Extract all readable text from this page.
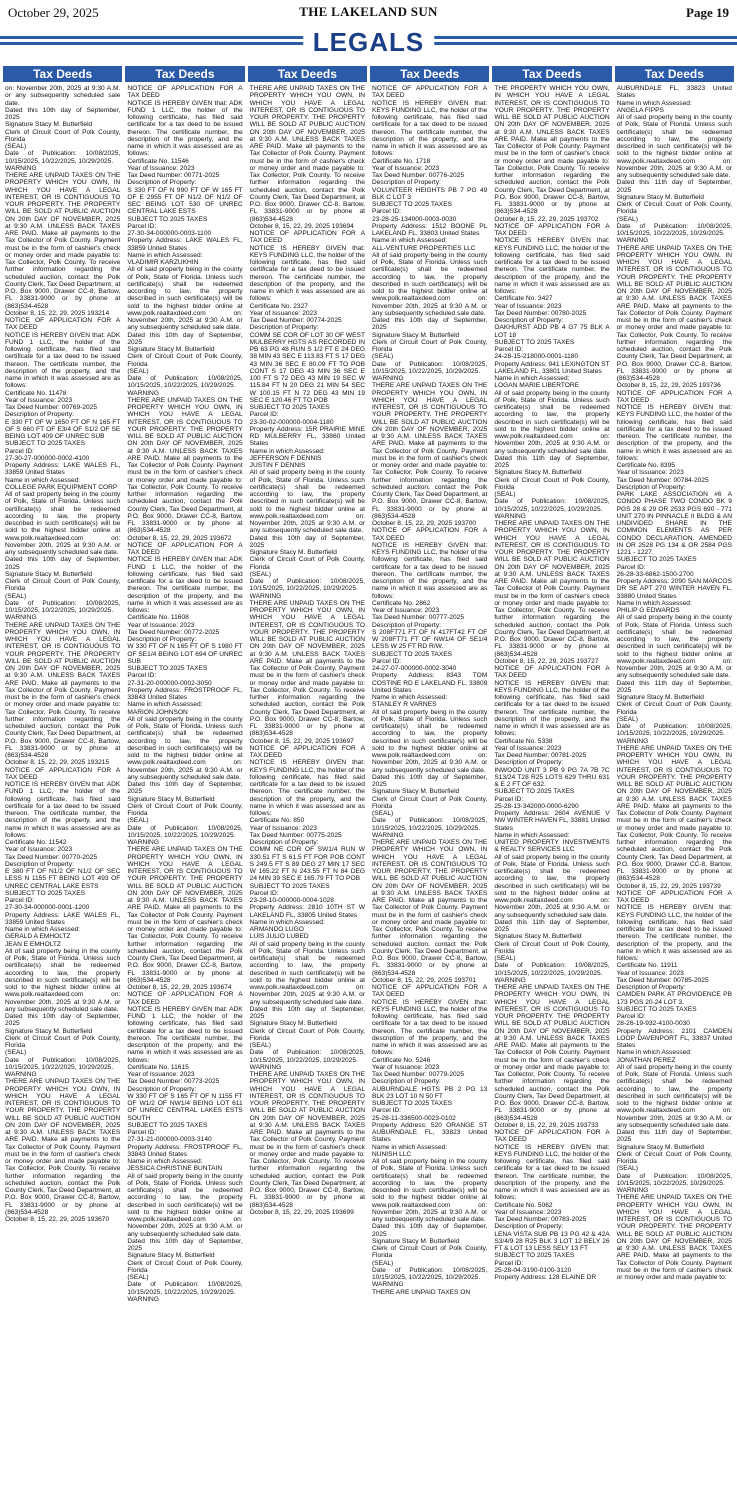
October 29, 2025	THE LAKELAND SUN	Page 19
LEGALS
Tax Deeds
on: November 20th, 2025 at 9:30 A.M. or any subsequently scheduled sale date.
Dated this 10th day of September, 2025
Signature Stacy M. Butterfield
Clerk of Circuit Court of Polk County, Florida
(SEAL)
Date of Publication: 10/08/2025, 10/15/2025, 10/22/2025, 10/29/2025.
WARNING
THERE ARE UNPAID TAXES ON THE PROPERTY WHICH YOU OWN, IN WHICH YOU HAVE A LEGAL INTEREST, OR IS CONTIGUOUS TO YOUR PROPERTY. THE PROPERTY WILL BE SOLD AT PUBLIC AUCTION ON 20th DAY OF NOVEMBER, 2025 at 9:30 A.M. UNLESS BACK TAXES ARE PAID. Make all payments to the Tax Collector of Polk County. Payment must be in the form of cashier's check or money order and made payable to: Tax Collector, Polk County. To receive further information regarding the scheduled auction, contact the Polk County Clerk, Tax Deed Department, at P.O. Box 9000, Drawer CC-8, Bartow, FL 33831-9000 or by phone at (863)534-4528
October 8, 15, 22, 29, 2025 193214
NOTICE OF APPLICATION FOR A TAX DEED
NOTICE IS HEREBY GIVEN that: ADK FUND 1 LLC, the holder of the following certificate, has filed said certificate for a tax deed to be issued thereon. The certificate number, the description of the property, and the name in which it was assessed are as follows:
Certificate No. 11478
Year of Issuance: 2023
Tax Deed Number: 00769-2025
Description of Property:
E 330 FT OF W 1650 FT OF N 165 FT OF S 660 FT OF E3/4 OF S1/2 OF SE BEING LOT 409 OF UNREC SUB
SUBJECT TO 2025 TAXES
Parcel ID:
27-30-27-000000-0002-4100
Property Address: LAKE WALES FL, 33859 United States
Name in which Assessed:
COLLEGE PARK EQUIPMENT CORP
All of said property being in the county of Polk, State of Florida. Unless such certificate(s) shall be redeemed according to law, the property described in such certificate(s) will be sold to the highest bidder online at www.polk.realtaxdeed.com on: November 20th, 2025 at 9:30 A.M. or any subsequently scheduled sale date.
Dated this 10th day of September, 2025
Signature Stacy M. Butterfield
Clerk of Circuit Court of Polk County, Florida
(SEAL)
Date of Publication: 10/08/2025, 10/15/2025, 10/22/2025, 10/29/2025.
WARNING
THERE ARE UNPAID TAXES ON THE PROPERTY WHICH YOU OWN, IN WHICH YOU HAVE A LEGAL INTEREST, OR IS CONTIGUOUS TO YOUR PROPERTY. THE PROPERTY WILL BE SOLD AT PUBLIC AUCTION ON 20th DAY OF NOVEMBER, 2025 at 9:30 A.M. UNLESS BACK TAXES ARE PAID. Make all payments to the Tax Collector of Polk County. Payment must be in the form of cashier's check or money order and made payable to: Tax Collector, Polk County. To receive further information regarding the scheduled auction, contact the Polk County Clerk, Tax Deed Department, at P.O. Box 9000, Drawer CC-8, Bartow, FL 33831-9000 or by phone at (863)534-4528
October 8, 15, 22, 29, 2025 193215
NOTICE OF APPLICATION FOR A TAX DEED
NOTICE IS HEREBY GIVEN that: ADK FUND 1 LLC, the holder of the following certificate, has filed said certificate for a tax deed to be issued thereon. The certificate number, the description of the property, and the name in which it was assessed are as follows:
Certificate No. 11542
Year of Issuance: 2023
Tax Deed Number: 00770-2025
Description of Property:
E 380 FT OF N1/2 OF N1/2 OF SEC LESS N 1155 FT BEING LOT 493 OF UNREC CENTRAL LAKE ESTS
SUBJECT TO 2025 TAXES
Parcel ID:
27-30-34-000000-0001-1200
Property Address: LAKE WALES FL, 33859 United States
Name in which Assessed:
GERALD A EMHOLTZ
JEAN E EMHOLTZ
All of said property being in the county of Polk, State of Florida. Unless such certificate(s) shall be redeemed according to law, the property described in such certificate(s) will be sold to the highest bidder online at www.polk.realtaxdeed.com on: November 20th, 2025 at 9:30 A.M. or any subsequently scheduled sale date.
Dated this 10th day of September, 2025
Signature Stacy M. Butterfield
Clerk of Circuit Court of Polk County, Florida
(SEAL)
Date of Publication: 10/08/2025, 10/15/2025, 10/22/2025, 10/29/2025.
WARNING
THERE ARE UNPAID TAXES ON THE PROPERTY WHICH YOU OWN, IN WHICH YOU HAVE A LEGAL INTEREST, OR IS CONTIGUOUS TO YOUR PROPERTY. THE PROPERTY WILL BE SOLD AT PUBLIC AUCTION ON 20th DAY OF NOVEMBER, 2025 at 9:30 A.M. UNLESS BACK TAXES ARE PAID. Make all payments to the Tax Collector of Polk County. Payment must be in the form of cashier's check or money order and made payable to: Tax Collector, Polk County. To receive further information regarding the scheduled auction, contact the Polk County Clerk, Tax Deed Department, at P.O. Box 9000, Drawer CC-8, Bartow, FL 33831-9000 or by phone at (863)534-4528
October 8, 15, 22, 29, 2025 193670
Tax Deeds
NOTICE OF APPLICATION FOR A TAX DEED
NOTICE IS HEREBY GIVEN that: ADK FUND 1 LLC, the holder of the following certificate, has filed said certificate for a tax deed to be issued thereon. The certificate number, the description of the property, and the name in which it was assessed are as follows:
Certificate No. 11546
Year of Issuance: 2023
Tax Deed Number: 00771-2025
Description of Property:
S 330 FT OF N 990 FT OF W 165 FT OF E 2955 FT OF N1/2 OF N1/2 OF SEC BEING LOT 530 OF UNREC CENTRAL LAKE ESTS
SUBJECT TO 2025 TAXES
Parcel ID:
27-30-34-000000-0003-1100
Property Address: LAKE WALES FL, 33859 United States
Name in which Assessed:
VLADIMIR KARZUKHIN
All of said property being in the county of Polk, State of Florida. Unless such certificate(s) shall be redeemed according to law, the property described in such certificate(s) will be sold to the highest bidder online at www.polk.realtaxdeed.com on: November 20th, 2025 at 9:30 A.M. or any subsequently scheduled sale date.
Dated this 10th day of September, 2025
Signature Stacy M. Butterfield
Clerk of Circuit Court of Polk County, Florida
(SEAL)
Date of Publication: 10/08/2025, 10/15/2025, 10/22/2025, 10/29/2025.
WARNING
THERE ARE UNPAID TAXES ON THE PROPERTY WHICH YOU OWN, IN WHICH YOU HAVE A LEGAL INTEREST, OR IS CONTIGUOUS TO YOUR PROPERTY. THE PROPERTY WILL BE SOLD AT PUBLIC AUCTION ON 20th DAY OF NOVEMBER, 2025 at 9:30 A.M. UNLESS BACK TAXES ARE PAID. Make all payments to the Tax Collector of Polk County. Payment must be in the form of cashier's check or money order and made payable to: Tax Collector, Polk County. To receive further information regarding the scheduled auction, contact the Polk County Clerk, Tax Deed Department, at P.O. Box 9000, Drawer CC-8, Bartow, FL 33831-9000 or by phone at (863)534-4528
October 8, 15, 22, 29, 2025 193672
NOTICE OF APPLICATION FOR A TAX DEED
NOTICE IS HEREBY GIVEN that: ADK FUND 1 LLC, the holder of the following certificate, has filed said certificate for a tax deed to be issued thereon. The certificate number, the description of the property, and the name in which it was assessed are as follows:
Certificate No. 11608
Year of Issuance: 2023
Tax Deed Number: 00772-2025
Description of Property:
W 330 FT OF N 165 FT OF S 1980 FT OF SE1/4 BEING LOT 694 OF UNREC SUB
SUBJECT TO 2025 TAXES
Parcel ID:
27-31-20-000000-0002-3050
Property Address: FROSTPROOF FL, 33843 United States
Name in which Assessed:
MARION JOHNSON
All of said property being in the county of Polk, State of Florida. Unless such certificate(s) shall be redeemed according to law, the property described in such certificate(s) will be sold to the highest bidder online at www.polk.realtaxdeed.com on: November 20th, 2025 at 9:30 A.M. or any subsequently scheduled sale date.
Dated this 10th day of September, 2025
Signature Stacy M. Butterfield
Clerk of Circuit Court of Polk County, Florida
(SEAL)
Date of Publication: 10/08/2025, 10/15/2025, 10/22/2025, 10/29/2025.
WARNING
THERE ARE UNPAID TAXES ON THE PROPERTY WHICH YOU OWN, IN WHICH YOU HAVE A LEGAL INTEREST, OR IS CONTIGUOUS TO YOUR PROPERTY. THE PROPERTY WILL BE SOLD AT PUBLIC AUCTION ON 20th DAY OF NOVEMBER, 2025 at 9:30 A.M. UNLESS BACK TAXES ARE PAID. Make all payments to the Tax Collector of Polk County. Payment must be in the form of cashier's check or money order and made payable to: Tax Collector, Polk County. To receive further information regarding the scheduled auction, contact the Polk County Clerk, Tax Deed Department, at P.O. Box 9000, Drawer CC-8, Bartow, FL 33831-9000 or by phone at (863)534-4528
October 8, 15, 22, 29, 2025 193674
NOTICE OF APPLICATION FOR A TAX DEED
NOTICE IS HEREBY GIVEN that: ADK FUND 1 LLC, the holder of the following certificate, has filed said certificate for a tax deed to be issued thereon. The certificate number, the description of the property, and the name in which it was assessed are as follows:
Certificate No. 11615
Year of Issuance: 2023
Tax Deed Number: 00773-2025
Description of Property:
W 330 FT OF S 165 FT OF N 1155 FT OF W1/2 OF NW1/4 BEING LOT 611 OF UNREC CENTRAL LAKES ESTS SOUTH
SUBJECT TO 2025 TAXES
Parcel ID:
27-31-21-000000-0003-3140
Property Address: FROSTPROOF FL, 33843 United States
Name in which Assessed:
JESSICA CHRISTINE BUNTAIN
All of said property being in the county of Polk, State of Florida. Unless such certificate(s) shall be redeemed according to law, the property described in such certificate(s) will be sold to the highest bidder online at www.polk.realtaxdeed.com on: November 20th, 2025 at 9:30 A.M. or any subsequently scheduled sale date.
Dated this 10th day of September, 2025
Signature Stacy M. Butterfield
Clerk of Circuit Court of Polk County, Florida
(SEAL)
Date of Publication: 10/08/2025, 10/15/2025, 10/22/2025, 10/29/2025.
WARNING
Tax Deeds
THERE ARE UNPAID TAXES ON THE PROPERTY WHICH YOU OWN, IN WHICH YOU HAVE A LEGAL INTEREST, OR IS CONTIGUOUS TO YOUR PROPERTY. THE PROPERTY WILL BE SOLD AT PUBLIC AUCTION ON 20th DAY OF NOVEMBER, 2025 at 9:30 A.M. UNLESS BACK TAXES ARE PAID. Make all payments to the Tax Collector of Polk County. Payment must be in the form of cashier's check or money order and made payable to: Tax Collector, Polk County. To receive further information regarding the scheduled auction, contact the Polk County Clerk, Tax Deed Department, at P.O. Box 9000, Drawer CC-8, Bartow, FL 33831-9000 or by phone at (863)534-4528
October 8, 15, 22, 29, 2025 193694
NOTICE OF APPLICATION FOR A TAX DEED
NOTICE IS HEREBY GIVEN that: KEYS FUNDING LLC, the holder of the following certificate, has filed said certificate for a tax deed to be issued thereon. The certificate number, the description of the property, and the name in which it was assessed are as follows:
Certificate No. 2327
Year of Issuance: 2023
Tax Deed Number: 00774-2025
Description of Property:
COMM SE COR OF LOT 30 OF WEST MULBERRY HGTS AS RECORDED IN PB 63 PG 48 RUN S 1/2 FT E 24 DEG 38 MIN 43 SEC E 113.83 FT S 17 DEG 43 MIN 36 SEC E 80.09 FT TO POB CONT S 17 DEG 43 MIN 36 SEC E 100 FT S 72 DEG 43 MIN 19 SEC W 115.84 FT N 20 DEG 21 MIN 54 SEC W 100.15 FT N 72 DEG 43 MIN 19 SEC E 120.46 FT TO POB
SUBJECT TO 2025 TAXES
Parcel ID:
23-30-02-000000-0004-1180
Property Address: 15R PRAIRIE MINE RD MULBERRY FL, 33860 United States
Name in which Assessed:
JEFFERSON F DENNIS
JUSTIN F DENNIS
All of said property being in the county of Polk, State of Florida. Unless such certificate(s) shall be redeemed according to law, the property described in such certificate(s) will be sold to the highest bidder online at www.polk.realtaxdeed.com on: November 20th, 2025 at 9:30 A.M. or any subsequently scheduled sale date.
Dated this 10th day of September, 2025
Signature Stacy M. Butterfield
Clerk of Circuit Court of Polk County, Florida
(SEAL)
Date of Publication: 10/08/2025, 10/15/2025, 10/22/2025, 10/29/2025.
WARNING
THERE ARE UNPAID TAXES ON THE PROPERTY WHICH YOU OWN, IN WHICH YOU HAVE A LEGAL INTEREST, OR IS CONTIGUOUS TO YOUR PROPERTY. THE PROPERTY WILL BE SOLD AT PUBLIC AUCTION ON 20th DAY OF NOVEMBER, 2025 at 9:30 A.M. UNLESS BACK TAXES ARE PAID. Make all payments to the Tax Collector of Polk County. Payment must be in the form of cashier's check or money order and made payable to: Tax Collector, Polk County. To receive further information regarding the scheduled auction, contact the Polk County Clerk, Tax Deed Department, at P.O. Box 9000, Drawer CC-8, Bartow, FL 33831-9000 or by phone at (863)534-4528
October 8, 15, 22, 29, 2025 193697
NOTICE OF APPLICATION FOR A TAX DEED
NOTICE IS HEREBY GIVEN that: KEYS FUNDING LLC, the holder of the following certificate, has filed said certificate for a tax deed to be issued thereon. The certificate number, the description of the property, and the name in which it was assessed are as follows:
Certificate No. 850
Year of Issuance: 2023
Tax Deed Number: 00775-2025
Description of Property:
COMM NE COR OF SW1/4 RUN W 330.51 FT S 61.5 FT FOR POB CONT S 249.5 FT S 89 DEG 27 MIN 17 SEC W 165.22 FT N 243.55 FT N 84 DEG 24 MIN 39 SEC E 165.79 FT TO POB
SUBJECT TO 2025 TAXES
Parcel ID:
23-28-10-000000-0004-1028
Property Address: 2810 10TH ST W LAKELAND FL, 33805 United States
Name in which Assessed:
ARMANDO LUGO
LUIS JULIO LUBED
All of said property being in the county of Polk, State of Florida. Unless such certificate(s) shall be redeemed according to law, the property described in such certificate(s) will be sold to the highest bidder online at www.polk.realtaxdeed.com on: November 20th, 2025 at 9:30 A.M. or any subsequently scheduled sale date.
Dated this 10th day of September, 2025
Signature Stacy M. Butterfield
Clerk of Circuit Court of Polk County, Florida
(SEAL)
Date of Publication: 10/08/2025, 10/15/2025, 10/22/2025, 10/29/2025.
WARNING
THERE ARE UNPAID TAXES ON THE PROPERTY WHICH YOU OWN, IN WHICH YOU HAVE A LEGAL INTEREST, OR IS CONTIGUOUS TO YOUR PROPERTY. THE PROPERTY WILL BE SOLD AT PUBLIC AUCTION ON 20th DAY OF NOVEMBER, 2025 at 9:30 A.M. UNLESS BACK TAXES ARE PAID. Make all payments to the Tax Collector of Polk County. Payment must be in the form of cashier's check or money order and made payable to: Tax Collector, Polk County. To receive further information regarding the scheduled auction, contact the Polk County Clerk, Tax Deed Department, at P.O. Box 9000, Drawer CC-8, Bartow, FL 33831-9000 or by phone at (863)534-4528
October 8, 15, 22, 29, 2025 193699
Tax Deeds
NOTICE OF APPLICATION FOR A TAX DEED
NOTICE IS HEREBY GIVEN that: KEYS FUNDING LLC, the holder of the following certificate, has filed said certificate for a tax deed to be issued thereon. The certificate number, the description of the property, and the name in which it was assessed are as follows:
Certificate No. 1718
Year of Issuance: 2023
Tax Deed Number: 00776-2025
Description of Property:
VOLUNTEER HEIGHTS PB 7 PG 49 BLK C LOT 3
SUBJECT TO 2025 TAXES
Parcel ID:
23-28-25-134000-0003-0030
Property Address: 1512 BOONE PL LAKELAND FL, 33803 United States
Name in which Assessed:
ALL-VENTURE PROPERTIES LLC
All of said property being in the county of Polk, State of Florida. Unless such certificate(s) shall be redeemed according to law, the property described in such certificate(s) will be sold to the highest bidder online at www.polk.realtaxdeed.com on: November 20th, 2025 at 9:30 A.M. or any subsequently scheduled sale date.
Dated this 10th day of September, 2025
Signature Stacy M. Butterfield
Clerk of Circuit Court of Polk County, Florida
(SEAL)
Date of Publication: 10/08/2025, 10/15/2025, 10/22/2025, 10/29/2025.
WARNING
THERE ARE UNPAID TAXES ON THE PROPERTY WHICH YOU OWN, IN WHICH YOU HAVE A LEGAL INTEREST, OR IS CONTIGUOUS TO YOUR PROPERTY. THE PROPERTY WILL BE SOLD AT PUBLIC AUCTION ON 20th DAY OF NOVEMBER, 2025 at 9:30 A.M. UNLESS BACK TAXES ARE PAID. Make all payments to the Tax Collector of Polk County. Payment must be in the form of cashier's check or money order and made payable to: Tax Collector, Polk County. To receive further information regarding the scheduled auction, contact the Polk County Clerk, Tax Deed Department, at P.O. Box 9000, Drawer CC-8, Bartow, FL 33831-9000 or by phone at (863)534-4528
October 8, 15, 22, 29, 2025 193700
NOTICE OF APPLICATION FOR A TAX DEED
NOTICE IS HEREBY GIVEN that: KEYS FUNDING LLC, the holder of the following certificate, has filed said certificate for a tax deed to be issued thereon. The certificate number, the description of the property, and the name in which it was assessed are as follows:
Certificate No. 2862
Year of Issuance: 2023
Tax Deed Number: 00777-2025
Description of Property:
S 208FT71 FT OF N 417FT42 FT OF W 208FT71 FT OF NW1/4 OF SE1/4 LESS W 25 FT RD R/W.
SUBJECT TO 2025 TAXES
Parcel ID:
24-27-07-000000-0002-3040
Property Address: 8343 TOM COSTINE RD E LAKELAND FL, 33809 United States
Name in which Assessed:
STANLEY R VARNES
All of said property being in the county of Polk, State of Florida. Unless such certificate(s) shall be redeemed according to law, the property described in such certificate(s) will be sold to the highest bidder online at www.polk.realtaxdeed.com on: November 20th, 2025 at 9:30 A.M. or any subsequently scheduled sale date.
Dated this 10th day of September, 2025
Signature Stacy M. Butterfield
Clerk of Circuit Court of Polk County, Florida
(SEAL)
Date of Publication: 10/08/2025, 10/15/2025, 10/22/2025, 10/29/2025.
WARNING
THERE ARE UNPAID TAXES ON THE PROPERTY WHICH YOU OWN, IN WHICH YOU HAVE A LEGAL INTEREST, OR IS CONTIGUOUS TO YOUR PROPERTY. THE PROPERTY WILL BE SOLD AT PUBLIC AUCTION ON 20th DAY OF NOVEMBER, 2025 at 9:30 A.M. UNLESS BACK TAXES ARE PAID. Make all payments to the Tax Collector of Polk County. Payment must be in the form of cashier's check or money order and made payable to: Tax Collector, Polk County. To receive further information regarding the scheduled auction, contact the Polk County Clerk, Tax Deed Department, at P.O. Box 9000, Drawer CC-8, Bartow, FL 33831-9000 or by phone at (863)534-4528
October 8, 15, 22, 29, 2025 193701
NOTICE OF APPLICATION FOR A TAX DEED
NOTICE IS HEREBY GIVEN that: KEYS FUNDING LLC, the holder of the following certificate, has filed said certificate for a tax deed to be issued thereon. The certificate number, the description of the property, and the name in which it was assessed are as follows:
Certificate No. 5246
Year of Issuance: 2023
Tax Deed Number: 00779-2025
Description of Property:
AUBURNDALE HGTS PB 2 PG 13 BLK 23 LOT 10 N 50 FT
SUBJECT TO 2025 TAXES
Parcel ID:
25-28-11-336500-0023-0102
Property Address: 520 ORANGE ST AUBURNDALE FL, 33823 United States
Name in which Assessed:
NUNISH LLC
All of said property being in the county of Polk, State of Florida. Unless such certificate(s) shall be redeemed according to law, the property described in such certificate(s) will be sold to the highest bidder online at www.polk.realtaxdeed.com on: November 20th, 2025 at 9:30 A.M. or any subsequently scheduled sale date.
Dated this 10th day of September, 2025
Signature Stacy M. Butterfield
Clerk of Circuit Court of Polk County, Florida
(SEAL)
Date of Publication: 10/08/2025, 10/15/2025, 10/22/2025, 10/29/2025.
WARNING
THERE ARE UNPAID TAXES ON
Tax Deeds
THE PROPERTY WHICH YOU OWN, IN WHICH YOU HAVE A LEGAL INTEREST, OR IS CONTIGUOUS TO YOUR PROPERTY. THE PROPERTY WILL BE SOLD AT PUBLIC AUCTION ON 20th DAY OF NOVEMBER, 2025 at 9:30 A.M. UNLESS BACK TAXES ARE PAID. Make all payments to the Tax Collector of Polk County. Payment must be in the form of cashier's check or money order and made payable to: Tax Collector, Polk County. To receive further information regarding the scheduled auction, contact the Polk County Clerk, Tax Deed Department, at P.O. Box 9000, Drawer CC-8, Bartow, FL 33831-9000 or by phone at (863)534-4528
October 8, 15, 22, 29, 2025 193702
NOTICE OF APPLICATION FOR A TAX DEED
NOTICE IS HEREBY GIVEN that: KEYS FUNDING LLC, the holder of the following certificate, has filed said certificate for a tax deed to be issued thereon. The certificate number, the description of the property, and the name in which it was assessed are as follows:
Certificate No. 3427
Year of Issuance: 2023
Tax Deed Number: 00780-2025
Description of Property:
OAKHURST ADD PB 4 G7 75 BLK A LOT 18
SUBJECT TO 2025 TAXES
Parcel ID:
24-28-15-218000-0001-1180
Property Address: 941 LEXINGTON ST LAKELAND FL, 33801 United States
Name in which Assessed:
LOGAN MARIE LIBERTORE
All of said property being in the county of Polk, State of Florida. Unless such certificate(s) shall be redeemed according to law, the property described in such certificate(s) will be sold to the highest bidder online at www.polk.realtaxdeed.com on: November 20th, 2025 at 9:30 A.M. or any subsequently scheduled sale date.
Dated this 11th day of September, 2025
Signature Stacy M. Butterfield
Clerk of Circuit Court of Polk County, Florida
(SEAL)
Date of Publication: 10/08/2025, 10/15/2025, 10/22/2025, 10/29/2025.
WARNING
THERE ARE UNPAID TAXES ON THE PROPERTY WHICH YOU OWN, IN WHICH YOU HAVE A LEGAL INTEREST, OR IS CONTIGUOUS TO YOUR PROPERTY. THE PROPERTY WILL BE SOLD AT PUBLIC AUCTION ON 20th DAY OF NOVEMBER, 2025 at 9:30 A.M. UNLESS BACK TAXES ARE PAID. Make all payments to the Tax Collector of Polk County. Payment must be in the form of cashier's check or money order and made payable to: Tax Collector, Polk County. To receive further information regarding the scheduled auction, contact the Polk County Clerk, Tax Deed Department, at P.O. Box 9000, Drawer CC-8, Bartow, FL 33831-9000 or by phone at (863)534-4528
October 8, 15, 22, 29, 2025 193727
NOTICE OF APPLICATION FOR A TAX DEED
NOTICE IS HEREBY GIVEN that: KEYS FUNDING LLC, the holder of the following certificate, has filed said certificate for a tax deed to be issued thereon. The certificate number, the description of the property, and the name in which it was assessed are as follows:
Certificate No. 5338
Year of Issuance: 2023
Tax Deed Number: 00781-2025
Description of Property:
INWOOD UNIT 3 PB 9 PG 7A 7B 7C S13/24 T28 R25 LOTS 629 THRU 631 & E 2 FT OF 632.
SUBJECT TO 2025 TAXES
Parcel ID:
25-28-13-342000-0000-6290
Property Address: 2604 AVENUE V NW WINTER HAVEN FL, 33881 United States
Name in which Assessed:
UNITED PROPERTY INVESTMENTS & REALTY SERVICES LLC
All of said property being in the county of Polk, State of Florida. Unless such certificate(s) shall be redeemed according to law, the property described in such certificate(s) will be sold to the highest bidder online at www.polk.realtaxdeed.com on: November 20th, 2025 at 9:30 A.M. or any subsequently scheduled sale date.
Dated this 11th day of September, 2025
Signature Stacy M. Butterfield
Clerk of Circuit Court of Polk County, Florida
(SEAL)
Date of Publication: 10/08/2025, 10/15/2025, 10/22/2025, 10/29/2025.
WARNING
THERE ARE UNPAID TAXES ON THE PROPERTY WHICH YOU OWN, IN WHICH YOU HAVE A LEGAL INTEREST, OR IS CONTIGUOUS TO YOUR PROPERTY. THE PROPERTY WILL BE SOLD AT PUBLIC AUCTION ON 20th DAY OF NOVEMBER, 2025 at 9:30 A.M. UNLESS BACK TAXES ARE PAID. Make all payments to the Tax Collector of Polk County. Payment must be in the form of cashier's check or money order and made payable to: Tax Collector, Polk County. To receive further information regarding the scheduled auction, contact the Polk County Clerk, Tax Deed Department, at P.O. Box 9000, Drawer CC-8, Bartow, FL 33831-9000 or by phone at (863)534-4528
October 8, 15, 22, 29, 2025 193733
NOTICE OF APPLICATION FOR A TAX DEED
NOTICE IS HEREBY GIVEN that: KEYS FUNDING LLC, the holder of the following certificate, has filed said certificate for a tax deed to be issued thereon. The certificate number, the description of the property, and the name in which it was assessed are as follows:
Certificate No. 5062
Year of Issuance: 2023
Tax Deed Number: 00783-2025
Description of Property:
LENA VISTA SUB PB 13 PG 42 & 42A S3/4/9 28 R25 BLK 3 LOT 12 BELY 26 FT & LOT 13 LESS SELY 13 FT
SUBJECT TO 2025 TAXES
Parcel ID:
25-28-04-3190-0100-3120
Property Address: 128 ELAINE DR
Tax Deeds
AUBURNDALE FL, 33823 United States
Name in which Assessed:
ANGELA FIPPS
All of said property being in the county of Polk, State of Florida. Unless such certificate(s) shall be redeemed according to law, the property described in such certificate(s) will be sold to the highest bidder online at www.polk.realtaxdeed.com on: November 20th, 2025 at 9:30 A.M. or any subsequently scheduled sale date.
Dated this 11th day of September, 2025
Signature Stacy M. Butterfield
Clerk of Circuit Court of Polk County, Florida
(SEAL)
Date of Publication: 10/08/2025, 10/15/2025, 10/22/2025, 10/29/2025.
WARNING
THERE ARE UNPAID TAXES ON THE PROPERTY WHICH YOU OWN, IN WHICH YOU HAVE A LEGAL INTEREST, OR IS CONTIGUOUS TO YOUR PROPERTY. THE PROPERTY WILL BE SOLD AT PUBLIC AUCTION ON 20th DAY OF NOVEMBER, 2025 at 9:30 A.M. UNLESS BACK TAXES ARE PAID. Make all payments to the Tax Collector of Polk County. Payment must be in the form of cashier's check or money order and made payable to: Tax Collector, Polk County. To receive further information regarding the scheduled auction, contact the Polk County Clerk, Tax Deed Department, at P.O. Box 9000, Drawer CC-8, Bartow, FL 33831-9000 or by phone at (863)534-4528
October 8, 15, 22, 29, 2025 193736
NOTICE OF APPLICATION FOR A TAX DEED
NOTICE IS HEREBY GIVEN that: KEYS FUNDING LLC, the holder of the following certificate, has filed said certificate for a tax deed to be issued thereon. The certificate number, the description of the property, and the name in which it was assessed are as follows:
Certificate No. 8395
Year of Issuance: 2023
Tax Deed Number: 00784-2025
Description of Property:
PARK LAKE ASSOCIATION #6 A CONDO PHASE TWO CONDO BK 9 PGS 28 & 29 OR 2533 PGS 690 - 771 UNIT 270 IN PINNACLE II BLDG & AN UNDIVIDED SHARE IN THE COMMON ELEMENTS AS PER CONDO DECLARATION. AMENDED IN OR 2528 PG 134 & OR 2584 PGS 1221 - 1227.
SUBJECT TO 2025 TAXES
Parcel ID:
26-28-33-6862-1500-2700
Property Address: 2090 SAN MARCOS DR SE APT 270 WINTER HAVEN FL, 33880 United States
Name in which Assessed:
PHILIP G EDWARDS
All of said property being in the county of Polk, State of Florida. Unless such certificate(s) shall be redeemed according to law, the property described in such certificate(s) will be sold to the highest bidder online at www.polk.realtaxdeed.com on: November 20th, 2025 at 9:30 A.M. or any subsequently scheduled sale date.
Dated this 11th day of September, 2025
Signature Stacy M. Butterfield
Clerk of Circuit Court of Polk County, Florida
(SEAL)
Date of Publication: 10/08/2025, 10/15/2025, 10/22/2025, 10/29/2025.
WARNING
THERE ARE UNPAID TAXES ON THE PROPERTY WHICH YOU OWN, IN WHICH YOU HAVE A LEGAL INTEREST, OR IS CONTIGUOUS TO YOUR PROPERTY. THE PROPERTY WILL BE SOLD AT PUBLIC AUCTION ON 20th DAY OF NOVEMBER, 2025 at 9:30 A.M. UNLESS BACK TAXES ARE PAID. Make all payments to the Tax Collector of Polk County. Payment must be in the form of cashier's check or money order and made payable to: Tax Collector, Polk County. To receive further information regarding the scheduled auction, contact the Polk County Clerk, Tax Deed Department, at P.O. Box 9000, Drawer CC-8, Bartow, FL 33831-9000 or by phone at (863)534-4528
October 8, 15, 22, 29, 2025 193739
NOTICE OF APPLICATION FOR A TAX DEED
NOTICE IS HEREBY GIVEN that: KEYS FUNDING LLC, the holder of the following certificate, has filed said certificate for a tax deed to be issued thereon. The certificate number, the description of the property, and the name in which it was assessed are as follows:
Certificate No. 11911
Year of Issuance: 2023
Tax Deed Number: 00785-2025
Description of Property:
CAMDEN PARK AT PROVIDENCE PB 173 PGS 20-24 LOT 3.
SUBJECT TO 2025 TAXES
Parcel ID:
28-26-19-932-4100-0030
Property Address: 2101 CAMDEN LOOP DAVENPORT FL, 33837 United States
Name in which Assessed:
JONATHAN PEREZ
All of said property being in the county of Polk, State of Florida. Unless such certificate(s) shall be redeemed according to law, the property described in such certificate(s) will be sold to the highest bidder online at www.polk.realtaxdeed.com on: November 20th, 2025 at 9:30 A.M. or any subsequently scheduled sale date.
Dated this 11th day of September, 2025
Signature Stacy M. Butterfield
Clerk of Circuit Court of Polk County, Florida
(SEAL)
Date of Publication: 10/08/2025, 10/15/2025, 10/22/2025, 10/29/2025.
WARNING
THERE ARE UNPAID TAXES ON THE PROPERTY WHICH YOU OWN, IN WHICH YOU HAVE A LEGAL INTEREST, OR IS CONTIGUOUS TO YOUR PROPERTY. THE PROPERTY WILL BE SOLD AT PUBLIC AUCTION ON 20th DAY OF NOVEMBER, 2025 at 9:30 A.M. UNLESS BACK TAXES ARE PAID. Make all payments to the Tax Collector of Polk County. Payment must be in the form of cashier's check or money order and made payable to:
